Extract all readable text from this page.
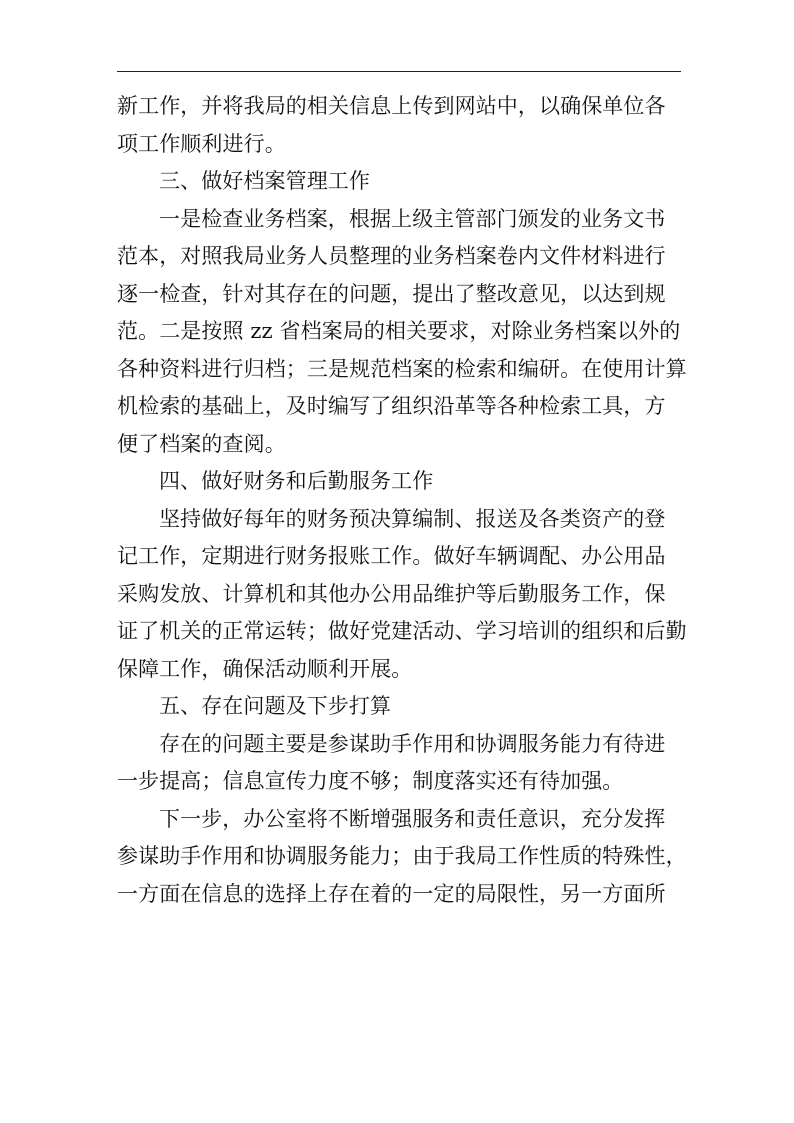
新工作，并将我局的相关信息上传到网站中，以确保单位各
项工作顺利进行。

三、做好档案管理工作

一是检查业务档案，根据上级主管部门颁发的业务文书
范本，对照我局业务人员整理的业务档案卷内文件材料进行
逐一检查，针对其存在的问题，提出了整改意见，以达到规
范。二是按照 zz 省档案局的相关要求，对除业务档案以外的
各种资料进行归档；三是规范档案的检索和编研。在使用计算
机检索的基础上，及时编写了组织沿革等各种检索工具，方
便了档案的查阅。

四、做好财务和后勤服务工作

坚持做好每年的财务预决算编制、报送及各类资产的登
记工作，定期进行财务报账工作。做好车辆调配、办公用品
采购发放、计算机和其他办公用品维护等后勤服务工作，保
证了机关的正常运转；做好党建活动、学习培训的组织和后勤
保障工作，确保活动顺利开展。

五、存在问题及下步打算

存在的问题主要是参谋助手作用和协调服务能力有待进
一步提高；信息宣传力度不够；制度落实还有待加强。

下一步，办公室将不断增强服务和责任意识，充分发挥
参谋助手作用和协调服务能力；由于我局工作性质的特殊性，
一方面在信息的选择上存在着的一定的局限性，另一方面所
